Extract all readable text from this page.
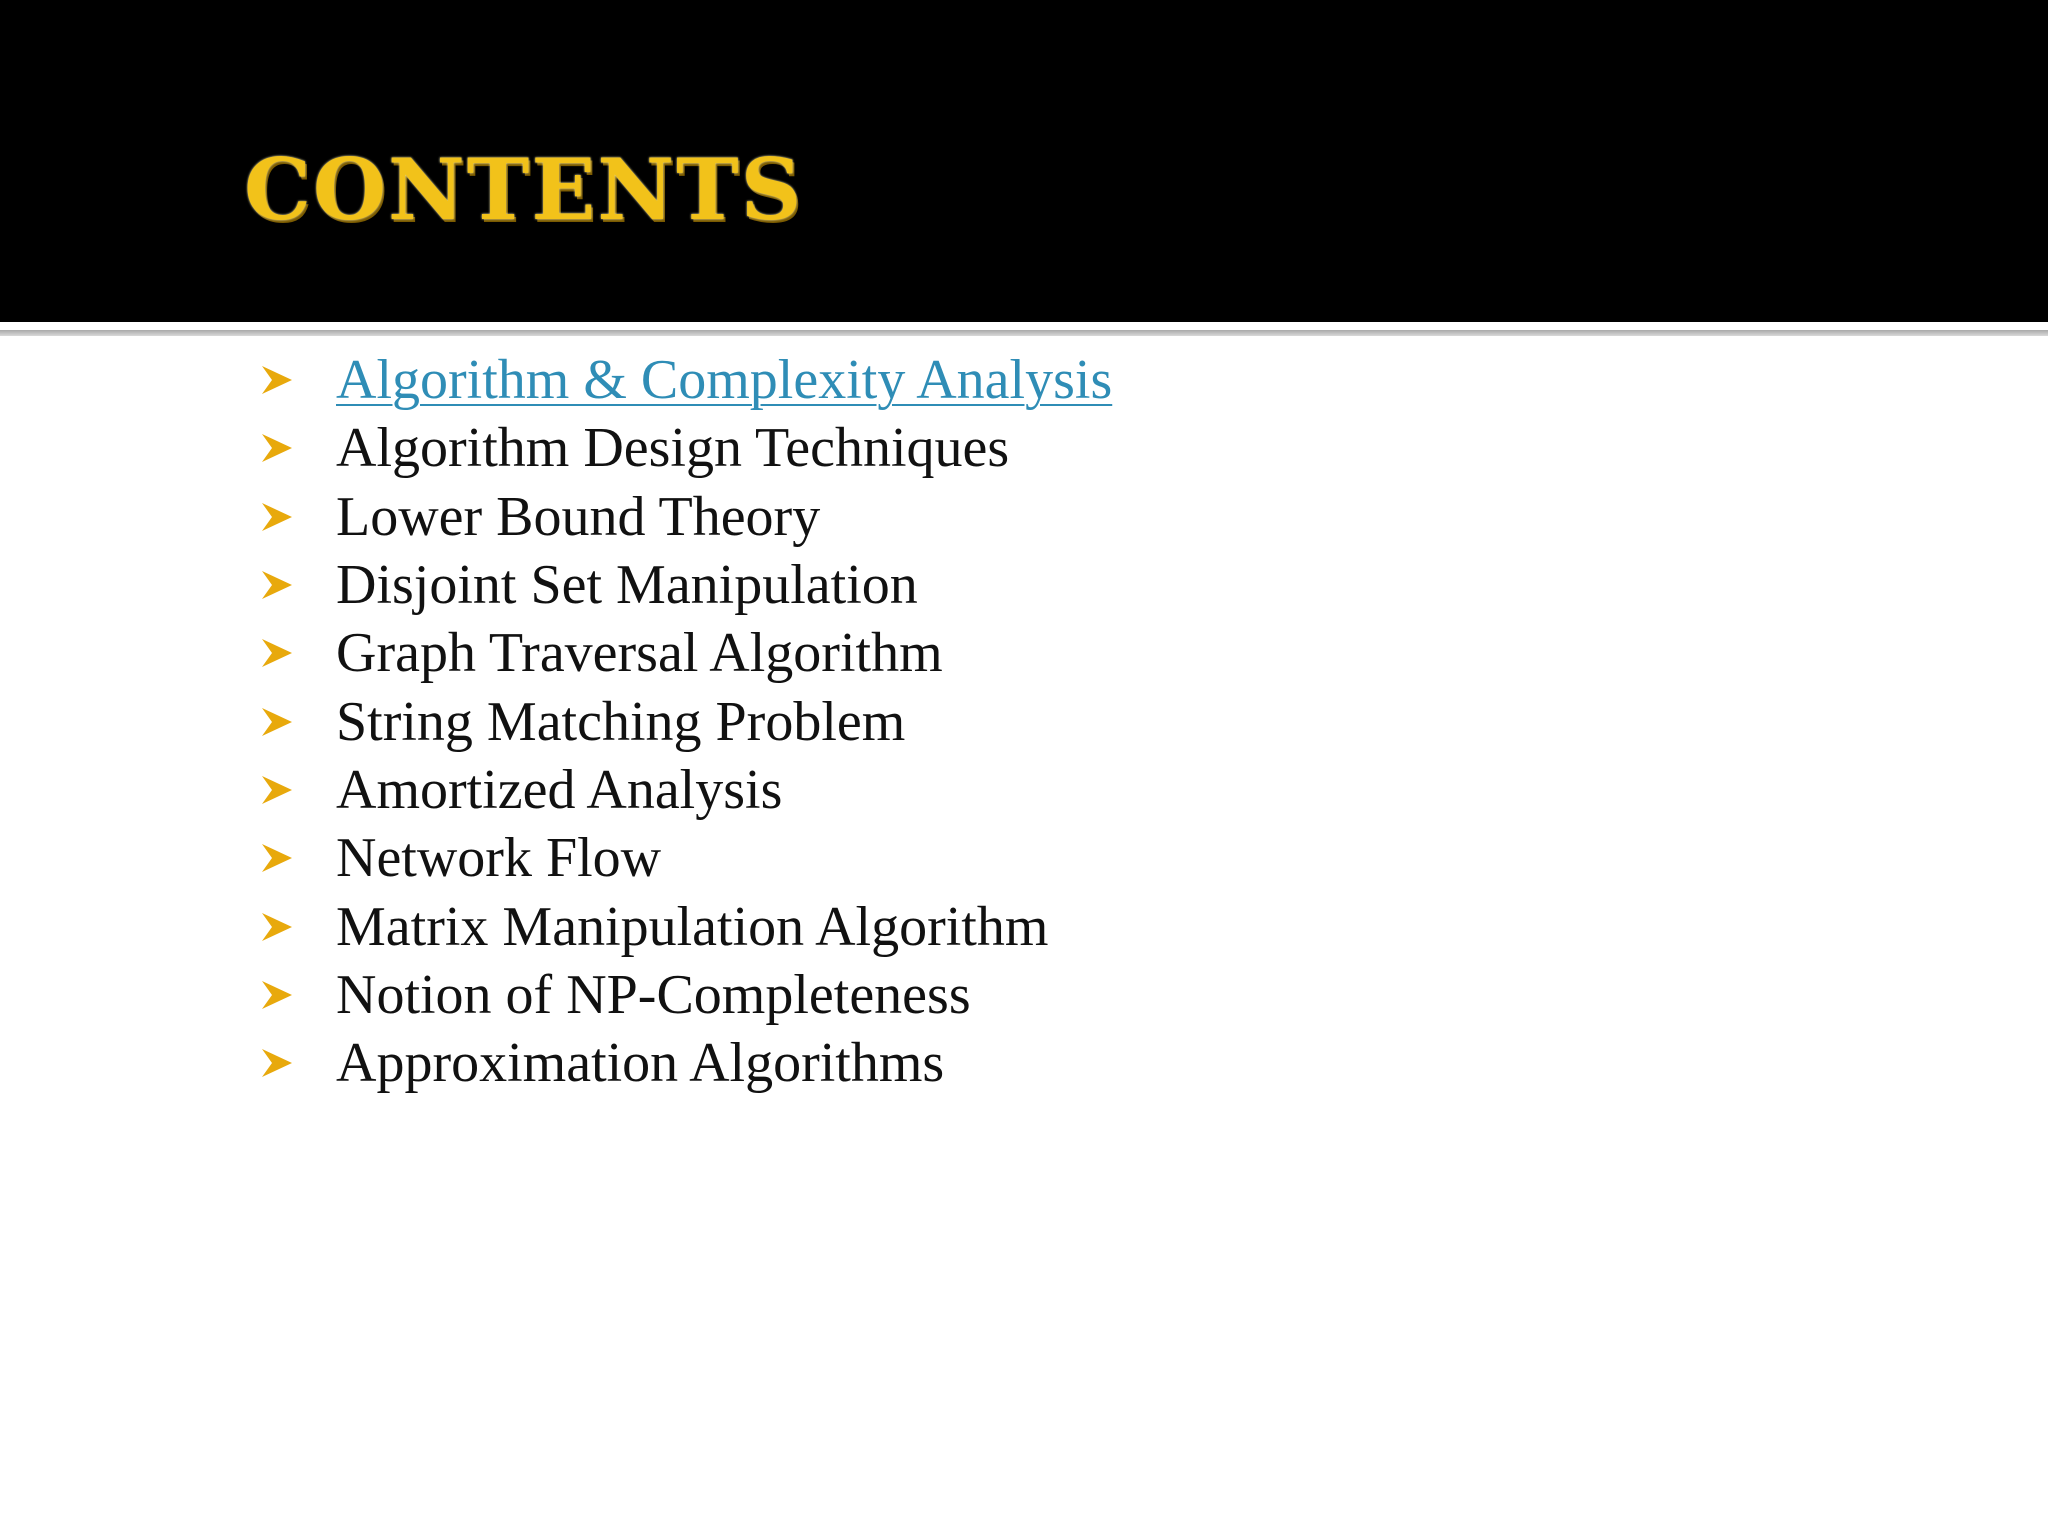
CONTENTS
Algorithm & Complexity Analysis
Algorithm Design Techniques
Lower Bound Theory
Disjoint Set Manipulation
Graph Traversal Algorithm
String Matching Problem
Amortized Analysis
Network Flow
Matrix Manipulation Algorithm
Notion of NP-Completeness
Approximation Algorithms
